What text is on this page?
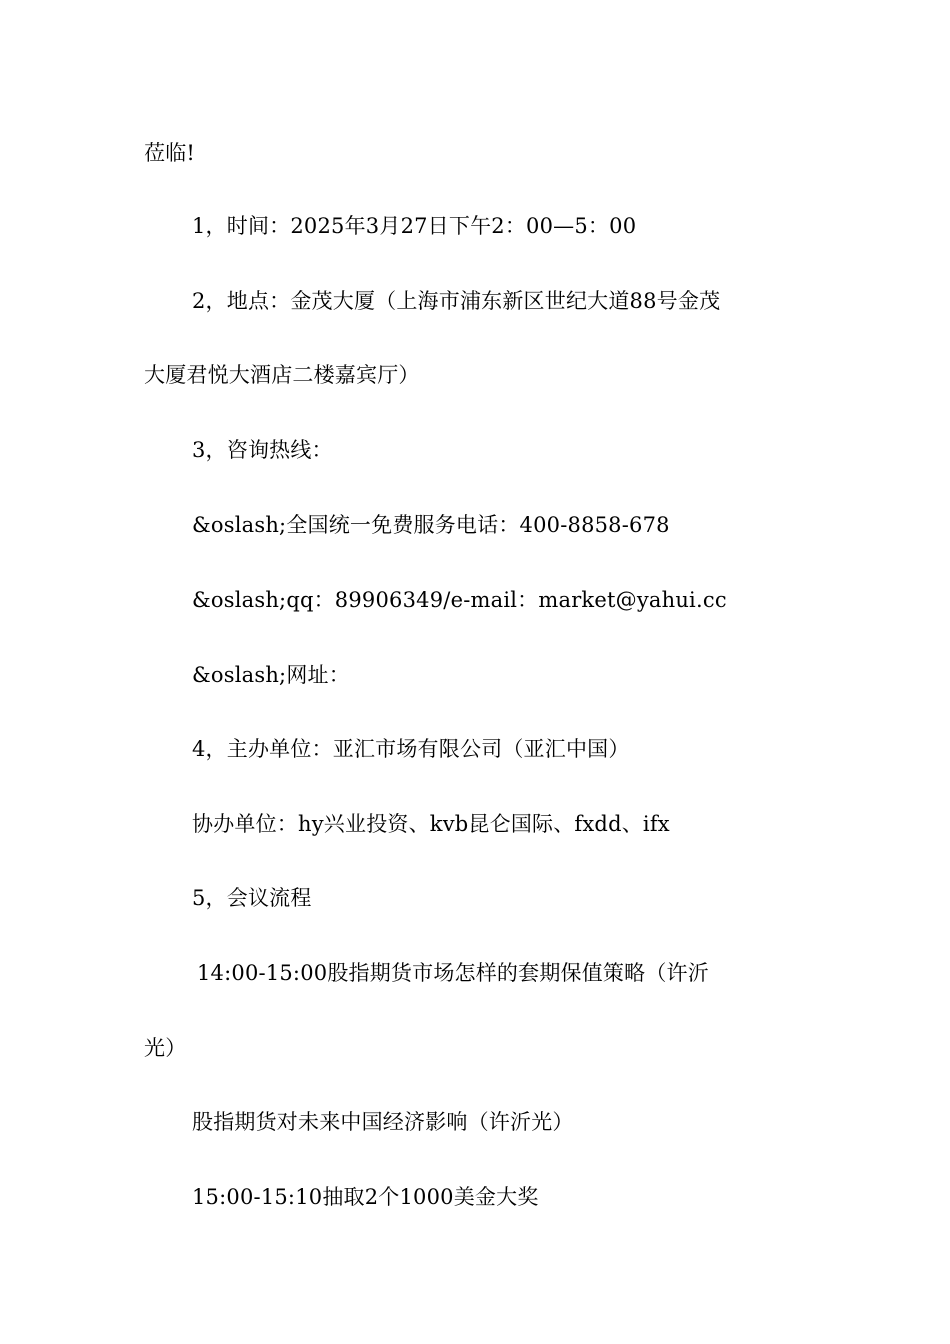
莅临!
1，时间：2025年3月27日下午2：00—5：00
2，地点：金茂大厦（上海市浦东新区世纪大道88号金茂
大厦君悦大酒店二楼嘉宾厅）
3，咨询热线：
&oslash;全国统一免费服务电话：400-8858-678
&oslash;qq：89906349/e-mail：market@yahui.cc
&oslash;网址：
4，主办单位：亚汇市场有限公司（亚汇中国）
协办单位：hy兴业投资、kvb昆仑国际、fxdd、ifx
5，会议流程
14:00-15:00股指期货市场怎样的套期保值策略（许沂
光）
股指期货对未来中国经济影响（许沂光）
15:00-15:10抽取2个1000美金大奖
